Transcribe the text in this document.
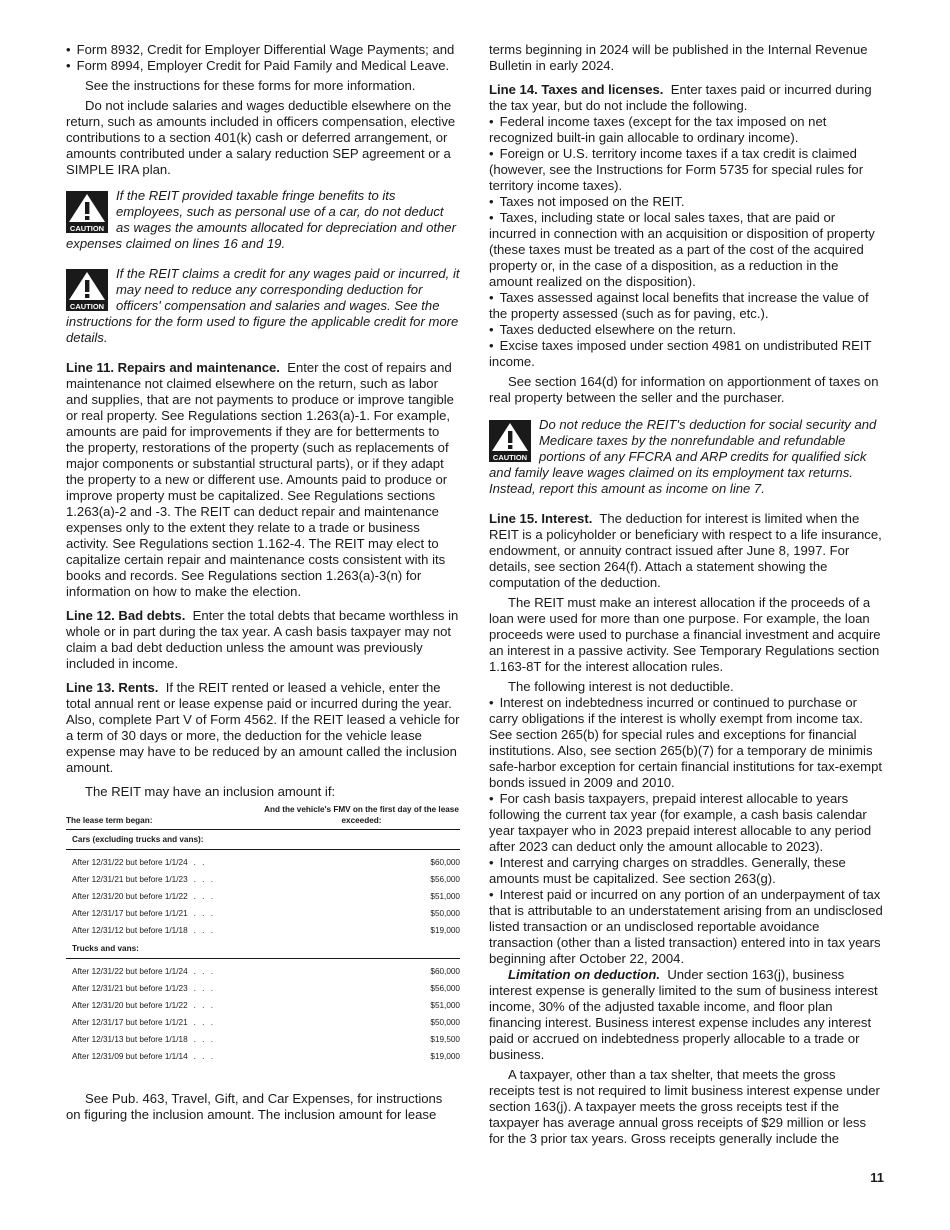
• Form 8932, Credit for Employer Differential Wage Payments; and

• Form 8994, Employer Credit for Paid Family and Medical Leave.

See the instructions for these forms for more information.

Do not include salaries and wages deductible elsewhere on the return, such as amounts included in officers compensation, elective contributions to a section 401(k) cash or deferred arrangement, or amounts contributed under a salary reduction SEP agreement or a SIMPLE IRA plan.

CAUTION
If the REIT provided taxable fringe benefits to its employees, such as personal use of a car, do not deduct as wages the amounts allocated for depreciation and other expenses claimed on lines 16 and 19.
CAUTION
If the REIT claims a credit for any wages paid or incurred, it may need to reduce any corresponding deduction for officers' compensation and salaries and wages. See the instructions for the form used to figure the applicable credit for more details.

Line 11. Repairs and maintenance. Enter the cost of repairs and maintenance not claimed elsewhere on the return, such as labor and supplies, that are not payments to produce or improve tangible or real property. See Regulations section 1.263(a)-1. For example, amounts are paid for improvements if they are for betterments to the property, restorations of the property (such as replacements of major components or substantial structural parts), or if they adapt the property to a new or different use. Amounts paid to produce or improve property must be capitalized. See Regulations sections 1.263(a)-2 and -3. The REIT can deduct repair and maintenance expenses only to the extent they relate to a trade or business activity. See Regulations section 1.162-4. The REIT may elect to capitalize certain repair and maintenance costs consistent with its books and records. See Regulations section 1.263(a)-3(n) for information on how to make the election.

Line 12. Bad debts. Enter the total debts that became worthless in whole or in part during the tax year. A cash basis taxpayer may not claim a bad debt deduction unless the amount was previously included in income.

Line 13. Rents. If the REIT rented or leased a vehicle, enter the total annual rent or lease expense paid or incurred during the year. Also, complete Part V of Form 4562. If the REIT leased a vehicle for a term of 30 days or more, the deduction for the vehicle lease expense may have to be reduced by an amount called the inclusion amount.

The REIT may have an inclusion amount if:

The lease term began:	And the vehicle's FMV on the first day of the lease exceeded:
Cars (excluding trucks and vans):	
After 12/31/22 but before 1/1/24 . .	$60,000
After 12/31/21 but before 1/1/23 . . .	$56,000
After 12/31/20 but before 1/1/22 . . .	$51,000
After 12/31/17 but before 1/1/21 . . .	$50,000
After 12/31/12 but before 1/1/18 . . .	$19,000
Trucks and vans:	
After 12/31/22 but before 1/1/24 . . .	$60,000
After 12/31/21 but before 1/1/23 . . .	$56,000
After 12/31/20 but before 1/1/22 . . .	$51,000
After 12/31/17 but before 1/1/21 . . .	$50,000
After 12/31/13 but before 1/1/18 . . .	$19,500
After 12/31/09 but before 1/1/14 . . .	$19,000

See Pub. 463, Travel, Gift, and Car Expenses, for instructions on figuring the inclusion amount. The inclusion amount for lease

terms beginning in 2024 will be published in the Internal Revenue Bulletin in early 2024.

Line 14. Taxes and licenses. Enter taxes paid or incurred during the tax year, but do not include the following.

• Federal income taxes (except for the tax imposed on net recognized built-in gain allocable to ordinary income).

• Foreign or U.S. territory income taxes if a tax credit is claimed (however, see the Instructions for Form 5735 for special rules for territory income taxes).

• Taxes not imposed on the REIT.

• Taxes, including state or local sales taxes, that are paid or incurred in connection with an acquisition or disposition of property (these taxes must be treated as a part of the cost of the acquired property or, in the case of a disposition, as a reduction in the amount realized on the disposition).

• Taxes assessed against local benefits that increase the value of the property assessed (such as for paving, etc.).

• Taxes deducted elsewhere on the return.

• Excise taxes imposed under section 4981 on undistributed REIT income.

See section 164(d) for information on apportionment of taxes on real property between the seller and the purchaser.

CAUTION
Do not reduce the REIT's deduction for social security and Medicare taxes by the nonrefundable and refundable portions of any FFCRA and ARP credits for qualified sick and family leave wages claimed on its employment tax returns. Instead, report this amount as income on line 7.

Line 15. Interest. The deduction for interest is limited when the REIT is a policyholder or beneficiary with respect to a life insurance, endowment, or annuity contract issued after June 8, 1997. For details, see section 264(f). Attach a statement showing the computation of the deduction.

The REIT must make an interest allocation if the proceeds of a loan were used for more than one purpose. For example, the loan proceeds were used to purchase a financial investment and acquire an interest in a passive activity. See Temporary Regulations section 1.163-8T for the interest allocation rules.

The following interest is not deductible.

• Interest on indebtedness incurred or continued to purchase or carry obligations if the interest is wholly exempt from income tax. See section 265(b) for special rules and exceptions for financial institutions. Also, see section 265(b)(7) for a temporary de minimis safe-harbor exception for certain financial institutions for tax-exempt bonds issued in 2009 and 2010.

• For cash basis taxpayers, prepaid interest allocable to years following the current tax year (for example, a cash basis calendar year taxpayer who in 2023 prepaid interest allocable to any period after 2023 can deduct only the amount allocable to 2023).

• Interest and carrying charges on straddles. Generally, these amounts must be capitalized. See section 263(g).

• Interest paid or incurred on any portion of an underpayment of tax that is attributable to an understatement arising from an undisclosed listed transaction or an undisclosed reportable avoidance transaction (other than a listed transaction) entered into in tax years beginning after October 22, 2004.

Limitation on deduction. Under section 163(j), business interest expense is generally limited to the sum of business interest income, 30% of the adjusted taxable income, and floor plan financing interest. Business interest expense includes any interest paid or accrued on indebtedness properly allocable to a trade or business.

A taxpayer, other than a tax shelter, that meets the gross receipts test is not required to limit business interest expense under section 163(j). A taxpayer meets the gross receipts test if the taxpayer has average annual gross receipts of $29 million or less for the 3 prior tax years. Gross receipts generally include the

11
